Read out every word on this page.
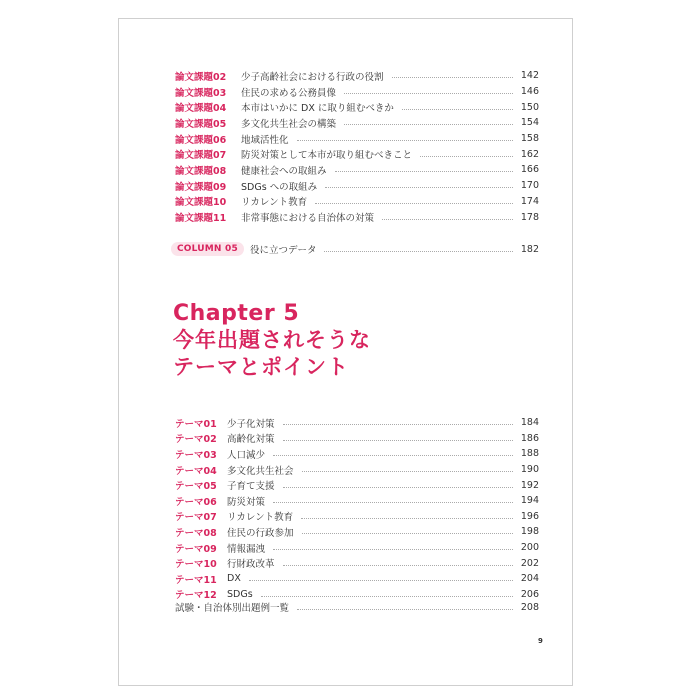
論文課題02	少子高齢社会における行政の役割	142
論文課題03	住民の求める公務員像	146
論文課題04	本市はいかに DX に取り組むべきか	150
論文課題05	多文化共生社会の構築	154
論文課題06	地域活性化	158
論文課題07	防災対策として本市が取り組むべきこと	162
論文課題08	健康社会への取組み	166
論文課題09	SDGs への取組み	170
論文課題10	リカレント教育	174
論文課題11	非常事態における自治体の対策	178
COLUMN 05	役に立つデータ	182
Chapter 5
今年出題されそうな
テーマとポイント
テーマ01	少子化対策	184
テーマ02	高齢化対策	186
テーマ03	人口減少	188
テーマ04	多文化共生社会	190
テーマ05	子育て支援	192
テーマ06	防災対策	194
テーマ07	リカレント教育	196
テーマ08	住民の行政参加	198
テーマ09	情報漏洩	200
テーマ10	行財政改革	202
テーマ11	DX	204
テーマ12	SDGs	206
試験・自治体別出題例一覧	208
9
